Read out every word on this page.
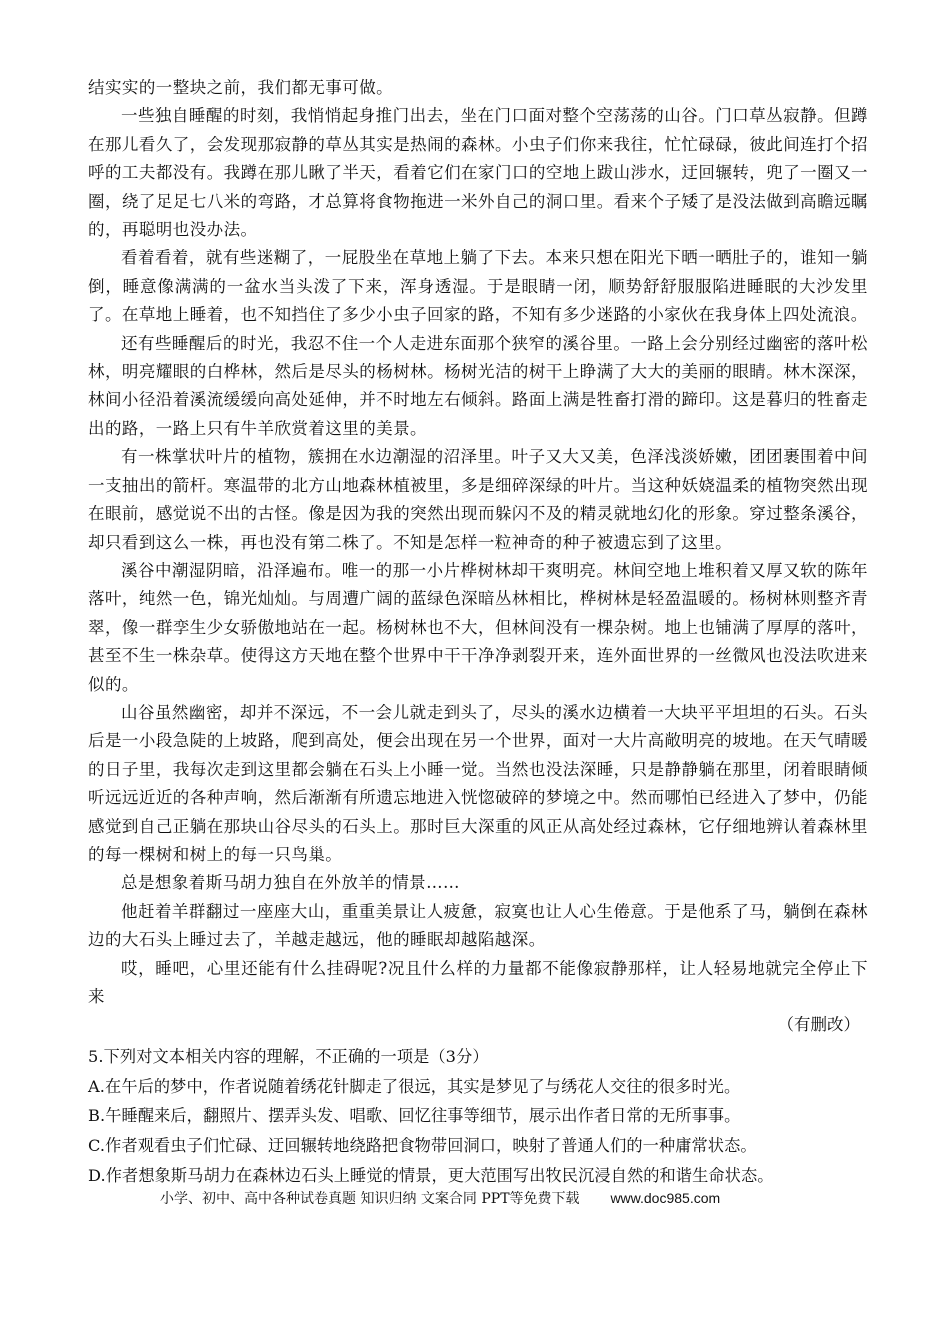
结实实的一整块之前，我们都无事可做。

一些独自睡醒的时刻，我悄悄起身推门出去，坐在门口面对整个空荡荡的山谷。门口草丛寂静。但蹲在那儿看久了，会发现那寂静的草丛其实是热闹的森林。小虫子们你来我往，忙忙碌碌，彼此间连打个招呼的工夫都没有。我蹲在那儿瞅了半天，看着它们在家门口的空地上跋山涉水，迂回辗转，兜了一圈又一圈，绕了足足七八米的弯路，才总算将食物拖进一米外自己的洞口里。看来个子矮了是没法做到高瞻远瞩的，再聪明也没办法。

看着看着，就有些迷糊了，一屁股坐在草地上躺了下去。本来只想在阳光下晒一晒肚子的，谁知一躺倒，睡意像满满的一盆水当头泼了下来，浑身透湿。于是眼睛一闭，顺势舒舒服服陷进睡眠的大沙发里了。在草地上睡着，也不知挡住了多少小虫子回家的路，不知有多少迷路的小家伙在我身体上四处流浪。

还有些睡醒后的时光，我忍不住一个人走进东面那个狭窄的溪谷里。一路上会分别经过幽密的落叶松林，明亮耀眼的白桦林，然后是尽头的杨树林。杨树光洁的树干上睁满了大大的美丽的眼睛。林木深深，林间小径沿着溪流缓缓向高处延伸，并不时地左右倾斜。路面上满是牲畜打滑的蹄印。这是暮归的牲畜走出的路，一路上只有牛羊欣赏着这里的美景。

有一株掌状叶片的植物，簇拥在水边潮湿的沼泽里。叶子又大又美，色泽浅淡娇嫩，团团裹围着中间一支抽出的箭杆。寒温带的北方山地森林植被里，多是细碎深绿的叶片。当这种妖娆温柔的植物突然出现在眼前，感觉说不出的古怪。像是因为我的突然出现而躲闪不及的精灵就地幻化的形象。穿过整条溪谷，却只看到这么一株，再也没有第二株了。不知是怎样一粒神奇的种子被遗忘到了这里。

溪谷中潮湿阴暗，沿泽遍布。唯一的那一小片桦树林却干爽明亮。林间空地上堆积着又厚又软的陈年落叶，纯然一色，锦光灿灿。与周遭广阔的蓝绿色深暗丛林相比，桦树林是轻盈温暖的。杨树林则整齐青翠，像一群孪生少女骄傲地站在一起。杨树林也不大，但林间没有一棵杂树。地上也铺满了厚厚的落叶，甚至不生一株杂草。使得这方天地在整个世界中干干净净剥裂开来，连外面世界的一丝微风也没法吹进来似的。

山谷虽然幽密，却并不深远，不一会儿就走到头了，尽头的溪水边横着一大块平平坦坦的石头。石头后是一小段急陡的上坡路，爬到高处，便会出现在另一个世界，面对一大片高敞明亮的坡地。在天气晴暖的日子里，我每次走到这里都会躺在石头上小睡一觉。当然也没法深睡，只是静静躺在那里，闭着眼睛倾听远远近近的各种声响，然后渐渐有所遗忘地进入恍惚破碎的梦境之中。然而哪怕已经进入了梦中，仍能感觉到自己正躺在那块山谷尽头的石头上。那时巨大深重的风正从高处经过森林，它仔细地辨认着森林里的每一棵树和树上的每一只鸟巢。

总是想象着斯马胡力独自在外放羊的情景……

他赶着羊群翻过一座座大山，重重美景让人疲惫，寂寞也让人心生倦意。于是他系了马，躺倒在森林边的大石头上睡过去了，羊越走越远，他的睡眠却越陷越深。

哎，睡吧，心里还能有什么挂碍呢?况且什么样的力量都不能像寂静那样，让人轻易地就完全停止下来

（有删改）

5.下列对文本相关内容的理解，不正确的一项是（3分）

A.在午后的梦中，作者说随着绣花针脚走了很远，其实是梦见了与绣花人交往的很多时光。

B.午睡醒来后，翻照片、摆弄头发、唱歌、回忆往事等细节，展示出作者日常的无所事事。

C.作者观看虫子们忙碌、迂回辗转地绕路把食物带回洞口，映射了普通人们的一种庸常状态。

D.作者想象斯马胡力在森林边石头上睡觉的情景，更大范围写出牧民沉浸自然的和谐生命状态。

小学、初中、高中各种试卷真题 知识归纳 文案合同 PPT等免费下载 www.doc985.com
